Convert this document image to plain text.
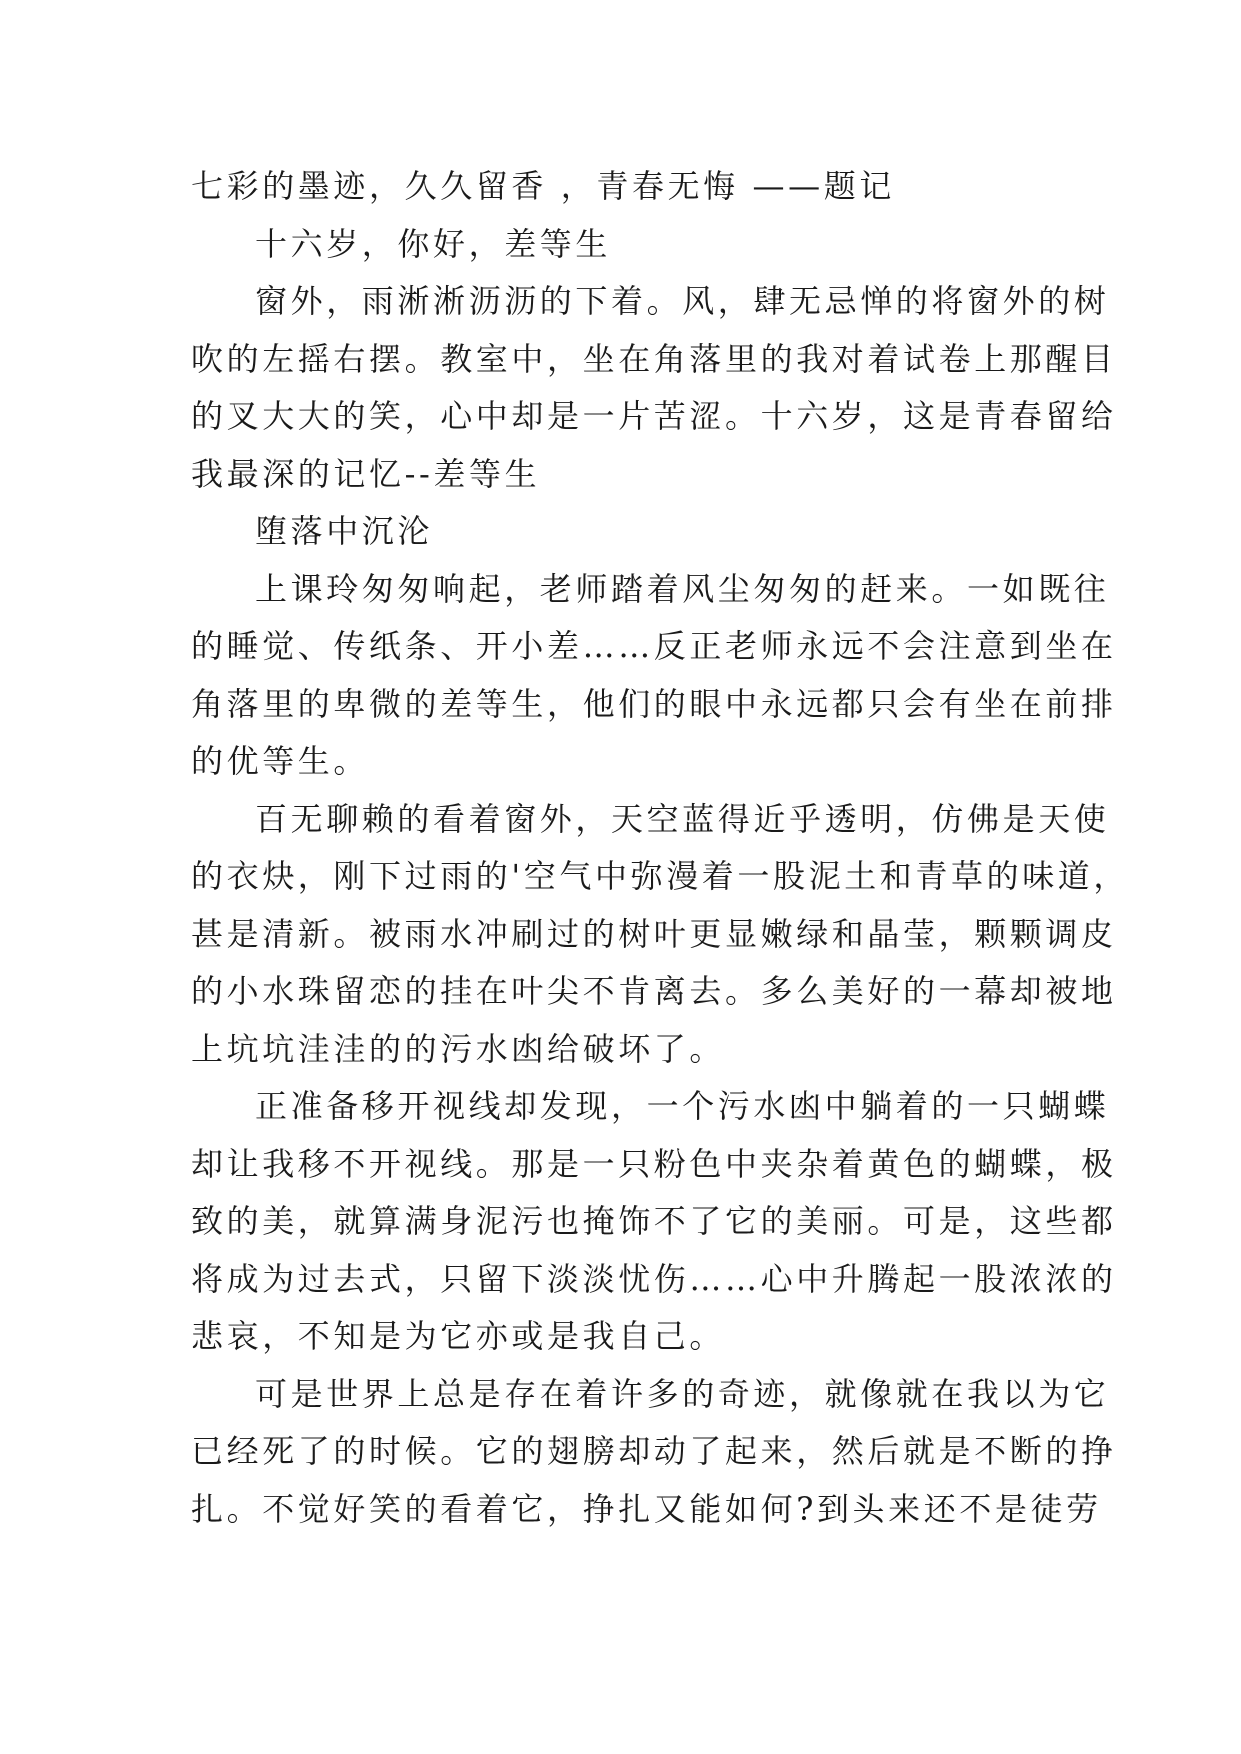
七彩的墨迹，久久留香 ，青春无悔 ——题记
十六岁，你好，差等生
窗外，雨淅淅沥沥的下着。风，肆无忌惮的将窗外的树
吹的左摇右摆。教室中，坐在角落里的我对着试卷上那醒目
的叉大大的笑，心中却是一片苦涩。十六岁，这是青春留给
我最深的记忆--差等生
堕落中沉沦
上课玲匆匆响起，老师踏着风尘匆匆的赶来。一如既往
的睡觉、传纸条、开小差……反正老师永远不会注意到坐在
角落里的卑微的差等生，他们的眼中永远都只会有坐在前排
的优等生。
百无聊赖的看着窗外，天空蓝得近乎透明，仿佛是天使
的衣炔，刚下过雨的'空气中弥漫着一股泥土和青草的味道，
甚是清新。被雨水冲刷过的树叶更显嫩绿和晶莹，颗颗调皮
的小水珠留恋的挂在叶尖不肯离去。多么美好的一幕却被地
上坑坑洼洼的的污水凼给破坏了。
正准备移开视线却发现，一个污水凼中躺着的一只蝴蝶
却让我移不开视线。那是一只粉色中夹杂着黄色的蝴蝶，极
致的美，就算满身泥污也掩饰不了它的美丽。可是，这些都
将成为过去式，只留下淡淡忧伤……心中升腾起一股浓浓的
悲哀，不知是为它亦或是我自己。
可是世界上总是存在着许多的奇迹，就像就在我以为它
已经死了的时候。它的翅膀却动了起来，然后就是不断的挣
扎。不觉好笑的看着它，挣扎又能如何?到头来还不是徒劳
